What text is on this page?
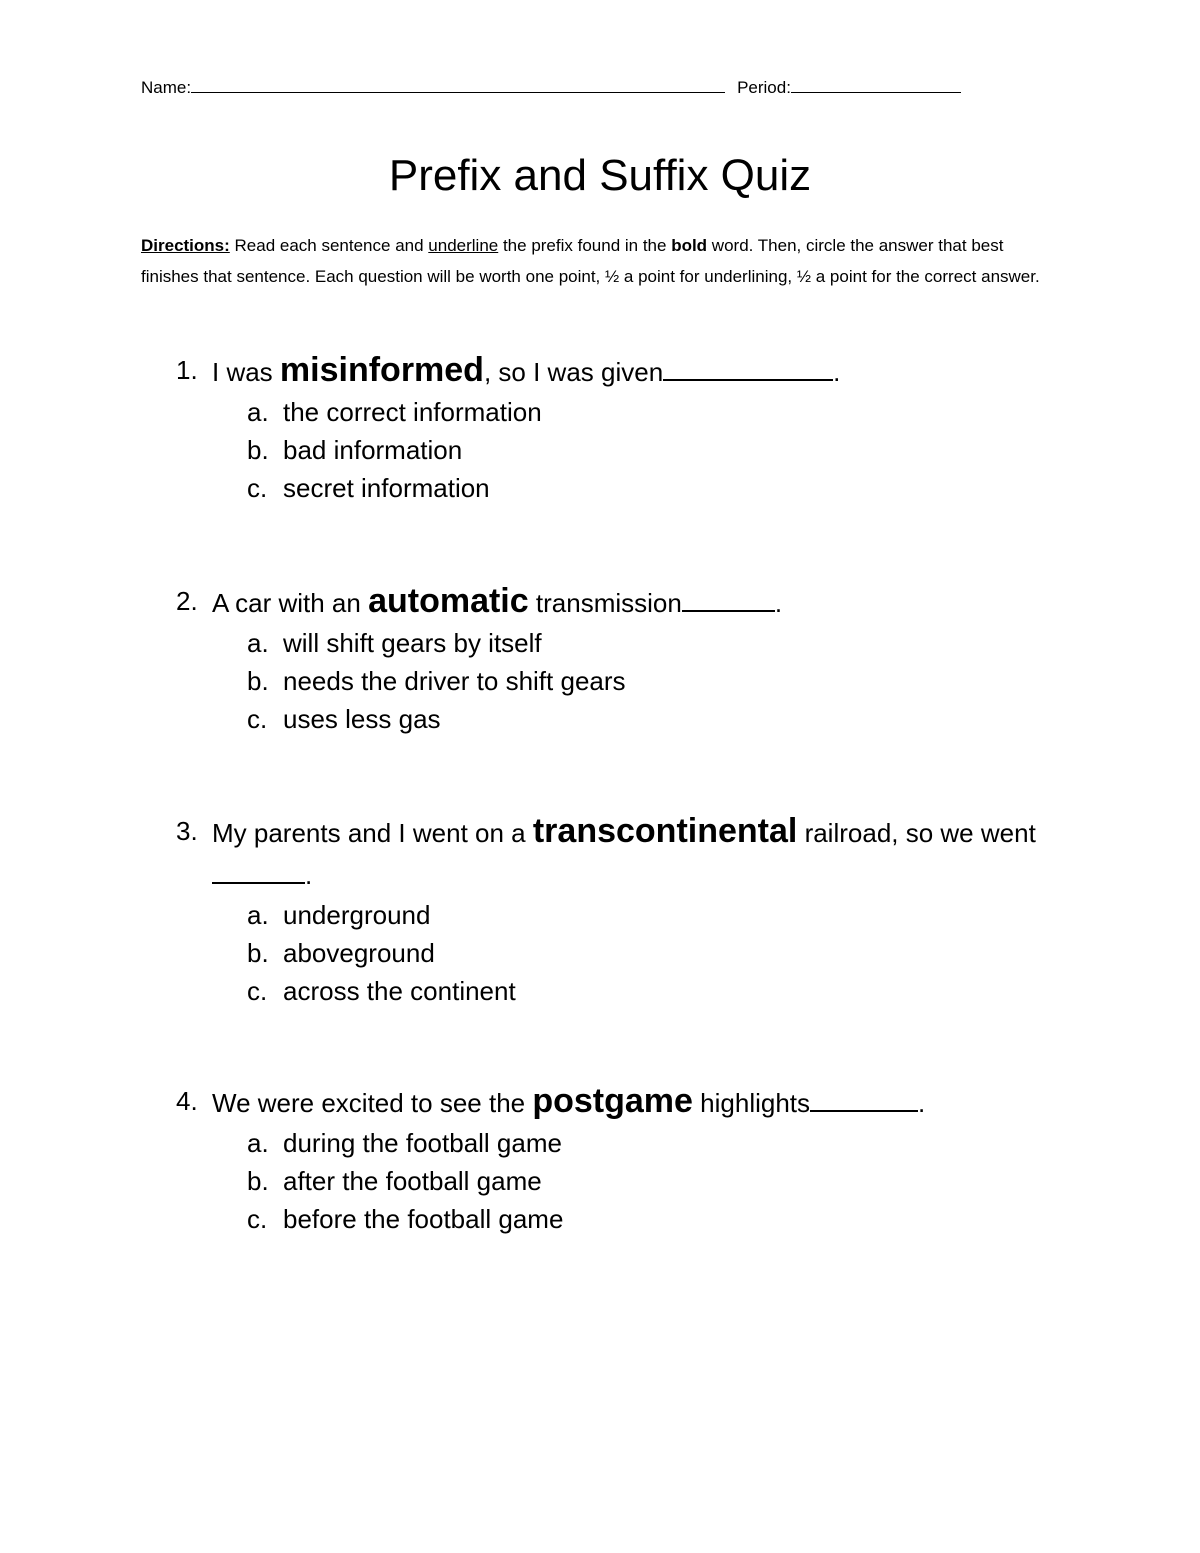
Name:	Period:
Prefix and Suffix Quiz
Directions: Read each sentence and underline the prefix found in the bold word. Then, circle the answer that best finishes that sentence. Each question will be worth one point, ½ a point for underlining, ½ a point for the correct answer.
1. I was misinformed, so I was given	.
a. the correct information
b. bad information
c. secret information
2. A car with an automatic transmission	.
a. will shift gears by itself
b. needs the driver to shift gears
c. uses less gas
3. My parents and I went on a transcontinental railroad, so we went.
a. underground
b. aboveground
c. across the continent
4. We were excited to see the postgame highlights	.
a. during the football game
b. after the football game
c. before the football game
